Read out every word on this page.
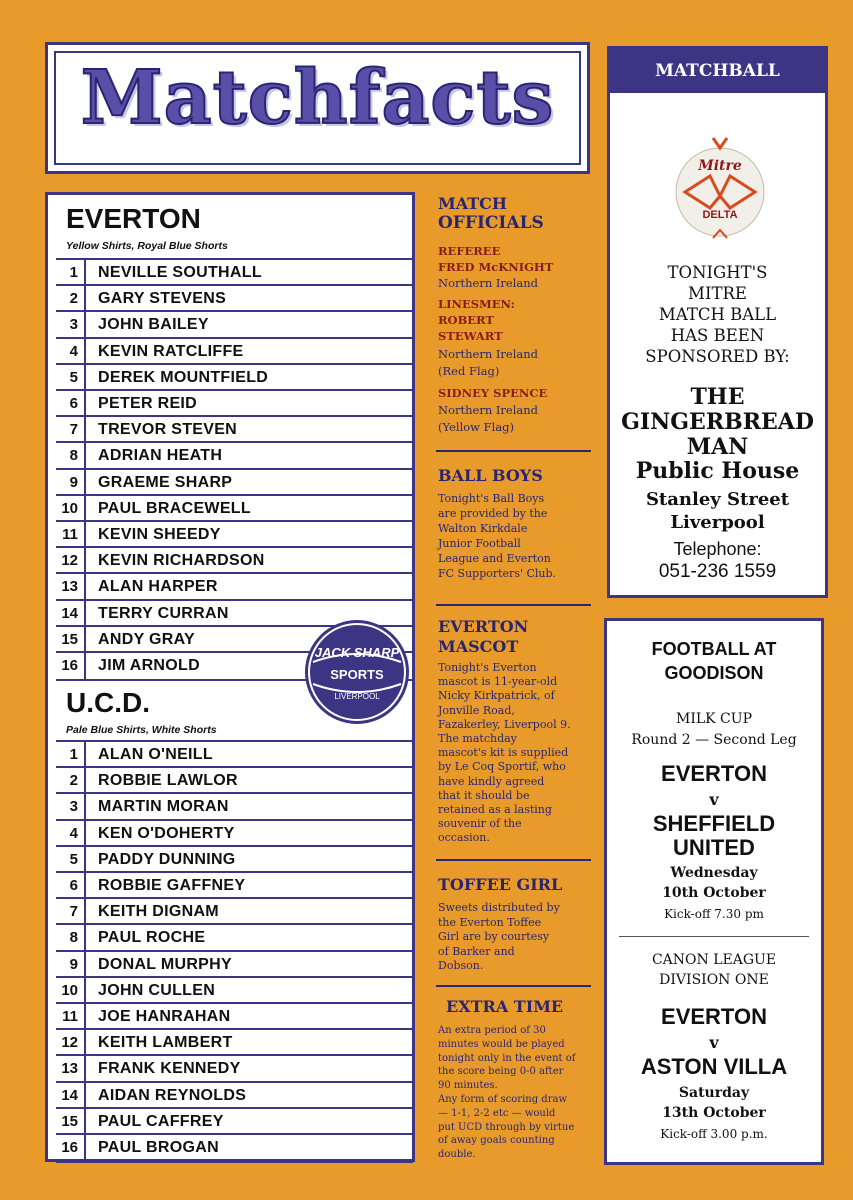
Matchfacts
EVERTON
Yellow Shirts, Royal Blue Shorts
1	NEVILLE SOUTHALL
2	GARY STEVENS
3	JOHN BAILEY
4	KEVIN RATCLIFFE
5	DEREK MOUNTFIELD
6	PETER REID
7	TREVOR STEVEN
8	ADRIAN HEATH
9	GRAEME SHARP
10	PAUL BRACEWELL
11	KEVIN SHEEDY
12	KEVIN RICHARDSON
13	ALAN HARPER
14	TERRY CURRAN
15	ANDY GRAY
16	JIM ARNOLD
U.C.D.
Pale Blue Shirts, White Shorts
1	ALAN O'NEILL
2	ROBBIE LAWLOR
3	MARTIN MORAN
4	KEN O'DOHERTY
5	PADDY DUNNING
6	ROBBIE GAFFNEY
7	KEITH DIGNAM
8	PAUL ROCHE
9	DONAL MURPHY
10	JOHN CULLEN
11	JOE HANRAHAN
12	KEITH LAMBERT
13	FRANK KENNEDY
14	AIDAN REYNOLDS
15	PAUL CAFFREY
16	PAUL BROGAN
JACK SHARP
SPORTS
LIVERPOOL
MATCH
OFFICIALS
REFEREE
FRED McKNIGHT
Northern Ireland
LINESMEN:
ROBERT
STEWART
Northern Ireland
(Red Flag)
SIDNEY SPENCE
Northern Ireland
(Yellow Flag)
BALL BOYS
Tonight's Ball Boys
are provided by the
Walton Kirkdale
Junior Football
League and Everton
FC Supporters' Club.
EVERTON
MASCOT
Tonight's Everton
mascot is 11-year-old
Nicky Kirkpatrick, of
Jonville Road,
Fazakerley, Liverpool 9.
The matchday
mascot's kit is supplied
by Le Coq Sportif, who
have kindly agreed
that it should be
retained as a lasting
souvenir of the
occasion.
TOFFEE GIRL
Sweets distributed by
the Everton Toffee
Girl are by courtesy
of Barker and
Dobson.
EXTRA TIME
An extra period of 30
minutes would be played
tonight only in the event of
the score being 0-0 after
90 minutes.
Any form of scoring draw
— 1-1, 2-2 etc — would
put UCD through by virtue
of away goals counting
double.
MATCHBALL
Mitre
DELTA
TONIGHT'S
MITRE
MATCH BALL
HAS BEEN
SPONSORED BY:
THE
GINGERBREAD
MAN
Public House
Stanley Street
Liverpool
Telephone:
051-236 1559
FOOTBALL AT
GOODISON
MILK CUP
Round 2 — Second Leg
EVERTON
v
SHEFFIELD
UNITED
Wednesday
10th October
Kick-off 7.30 pm
CANON LEAGUE
DIVISION ONE
EVERTON
v
ASTON VILLA
Saturday
13th October
Kick-off 3.00 p.m.
